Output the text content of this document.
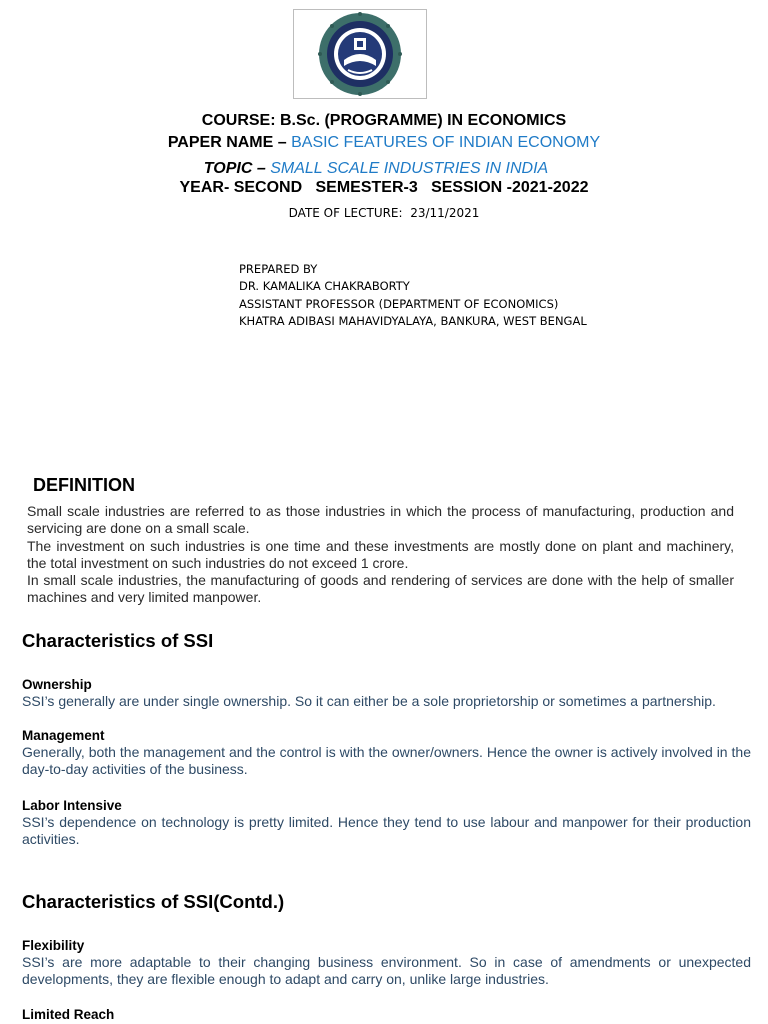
COURSE: B.Sc. (PROGRAMME) IN ECONOMICS
PAPER NAME – BASIC FEATURES OF INDIAN ECONOMY
TOPIC – SMALL SCALE INDUSTRIES IN INDIA
YEAR- SECOND   SEMESTER-3   SESSION -2021-2022
DATE OF LECTURE:  23/11/2021
PREPARED BY
DR. KAMALIKA CHAKRABORTY
ASSISTANT PROFESSOR (DEPARTMENT OF ECONOMICS)
KHATRA ADIBASI MAHAVIDYALAYA, BANKURA, WEST BENGAL
DEFINITION

Small scale industries are referred to as those industries in which the process of manufacturing, production and servicing are done on a small scale.

The investment on such industries is one time and these investments are mostly done on plant and machinery, the total investment on such industries do not exceed 1 crore.

In small scale industries, the manufacturing of goods and rendering of services are done with the help of smaller machines and very limited manpower.

Characteristics of SSI
Ownership
SSI’s generally are under single ownership. So it can either be a sole proprietorship or sometimes a partnership.
Management
Generally, both the management and the control is with the owner/owners. Hence the owner is actively involved in the day-to-day activities of the business.
Labor Intensive
SSI’s dependence on technology is pretty limited. Hence they tend to use labour and manpower for their production activities.
Characteristics of SSI(Contd.)
Flexibility
SSI’s are more adaptable to their changing business environment. So in case of amendments or unexpected developments, they are flexible enough to adapt and carry on, unlike large industries.
Limited Reach
